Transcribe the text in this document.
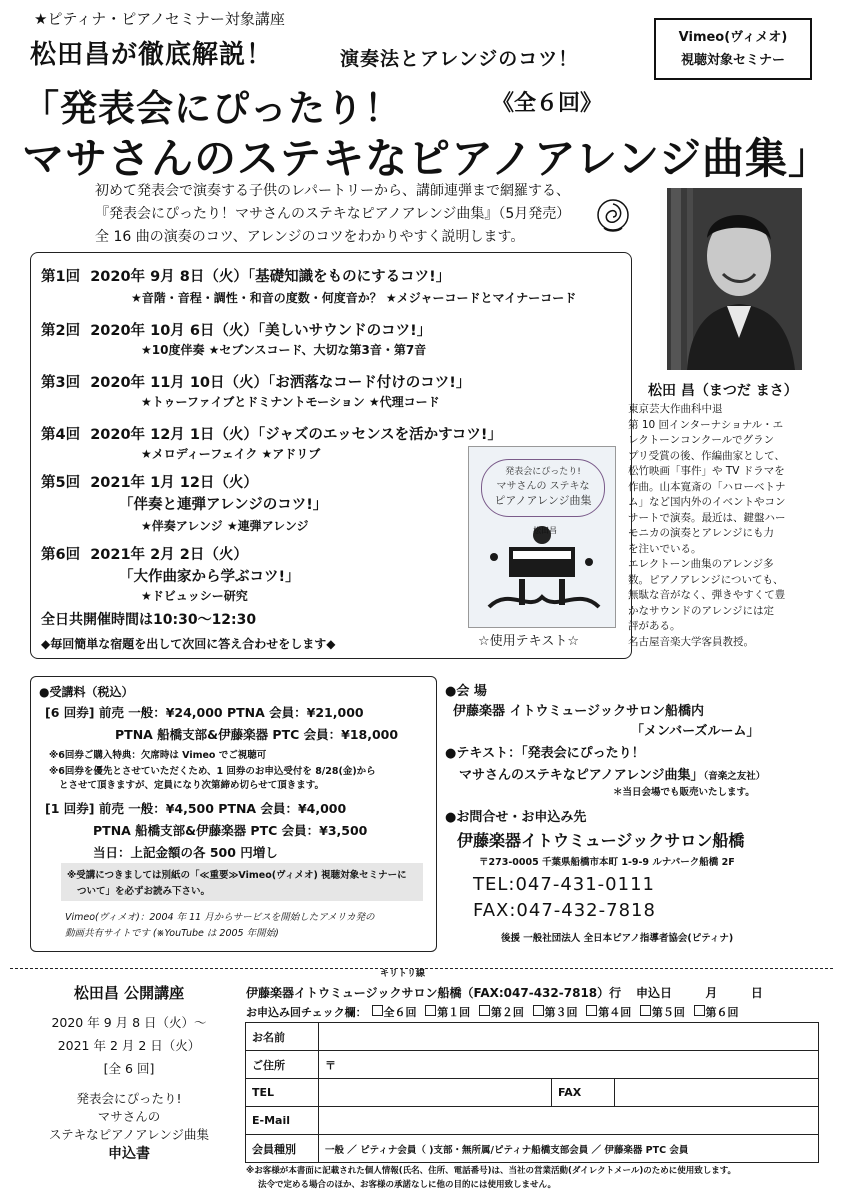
★ピティナ・ピアノセミナー対象講座
Vimeo(ヴィメオ)
視聴対象セミナー
松田昌が徹底解説！	演奏法とアレンジのコツ！
「発表会にぴったり！	《全６回》
マサさんのステキなピアノアレンジ曲集」
初めて発表会で演奏する子供のレパートリーから、講師連弾まで網羅する、
『発表会にぴったり！マサさんのステキなピアノアレンジ曲集』（5月発売）
全 16 曲の演奏のコツ、アレンジのコツをわかりやすく説明します。
松田 昌（まつだ まさ）
東京芸大作曲科中退
第 10 回インターナショナル・エ
レクトーンコンクールでグラン
プリ受賞の後、作編曲家として、
松竹映画「事件」や TV ドラマを
作曲。山本寛斎の「ハローベトナ
ム」など国内外のイベントやコン
サートで演奏。最近は、鍵盤ハー
モニカの演奏とアレンジにも力
を注いでいる。
エレクトーン曲集のアレンジ多
数。ピアノアレンジについても、
無駄な音がなく、弾きやすくて豊
かなサウンドのアレンジには定
評がある。
名古屋音楽大学客員教授。
第1回 2020年 9月 8日（火）「基礎知識をものにするコツ!」
★音階・音程・調性・和音の度数・何度音か？ ★メジャーコードとマイナーコード
第2回 2020年 10月 6日（火）「美しいサウンドのコツ!」
★10度伴奏 ★セブンスコード、大切な第3音・第7音
第3回 2020年 11月 10日（火）「お洒落なコード付けのコツ!」
★トゥーファイブとドミナントモーション ★代理コード
第4回 2020年 12月 1日（火）「ジャズのエッセンスを活かすコツ!」
★メロディーフェイク ★アドリブ
第5回 2021年 1月 12日（火）
「伴奏と連弾アレンジのコツ!」
★伴奏アレンジ ★連弾アレンジ
第6回 2021年 2月 2日（火）
「大作曲家から学ぶコツ!」
★ドビュッシー研究
全日共開催時間は10:30〜12:30
◆毎回簡単な宿題を出して次回に答え合わせをします◆
発表会にぴったり!
マサさんの ステキな
ピアノアレンジ曲集
松田昌
☆使用テキスト☆
●受講料（税込）
[6 回券] 前売 一般：¥24,000 PTNA 会員：¥21,000
PTNA 船橋支部&伊藤楽器 PTC 会員：¥18,000
※6回券ご購入特典：欠席時は Vimeo でご視聴可
※6回券を優先とさせていただくため、1 回券のお申込受付を 8/28(金)から
とさせて頂きますが、定員になり次第締め切らせて頂きます。
[1 回券] 前売 一般：¥4,500 PTNA 会員：¥4,000
PTNA 船橋支部&伊藤楽器 PTC 会員：¥3,500
当日：上記金額の各 500 円増し
※受講につきましては別紙の「≪重要≫Vimeo(ヴィメオ) 視聴対象セミナーに
ついて」を必ずお読み下さい。
Vimeo(ヴィメオ)：2004 年 11 月からサービスを開始したアメリカ発の
動画共有サイトです (※YouTube は 2005 年開始)
●会 場
伊藤楽器 イトウミュージックサロン船橋内
「メンバーズルーム」
●テキスト：「発表会にぴったり！
マサさんのステキなピアノアレンジ曲集」（音楽之友社）
＊当日会場でも販売いたします。
●お問合せ・お申込み先
伊藤楽器イトウミュージックサロン船橋
〒273-0005 千葉県船橋市本町 1-9-9 ルナパーク船橋 2F
TEL:047-431-0111
FAX:047-432-7818
後援 一般社団法人 全日本ピアノ指導者協会(ピティナ)
キリトリ線
松田昌 公開講座
2020 年 9 月 8 日（火）〜
2021 年 2 月 2 日（火）
[全 6 回]
発表会にぴったり!
マサさんの
ステキなピアノアレンジ曲集
申込書
伊藤楽器イトウミュージックサロン船橋（FAX:047-432-7818）行 申込日        月        日
お申込み回チェック欄： 全６回 第１回 第２回 第３回 第４回 第５回 第６回
お名前			
ご住所	〒		
TEL		FAX	
E-Mail			
会員種別	一般 ／ ピティナ会員（ )支部・無所属/ピティナ船橋支部会員 ／ 伊藤楽器 PTC 会員		
※お客様が本書面に記載された個人情報(氏名、住所、電話番号)は、当社の営業活動(ダイレクトメール)のために使用致します。
法令で定める場合のほか、お客様の承諾なしに他の目的には使用致しません。
